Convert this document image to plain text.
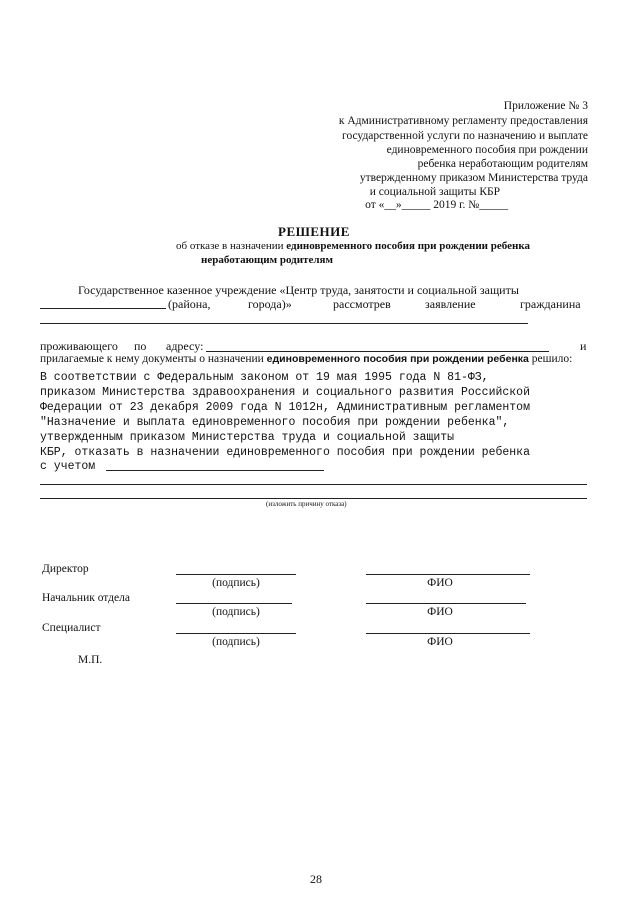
Приложение № 3
к Административному регламенту предоставления
государственной услуги по назначению и выплате
единовременного пособия при рождении
ребенка неработающим родителям
утвержденному приказом Министерства труда
и социальной защиты КБР
от «__»_____ 2019 г. №_____
РЕШЕНИЕ
об отказе в назначении единовременного пособия при рождении ребенка
неработающим родителям
Государственное казенное учреждение «Центр труда, занятости и социальной защиты
(района,	города)»	рассмотрев	заявление	гражданина
проживающего по адресу:	и
прилагаемые к нему документы о назначении единовременного пособия при рождении ребенка решило:
В соответствии с Федеральным законом от 19 мая 1995 года N 81-ФЗ,
приказом Министерства здравоохранения и социального развития Российской
Федерации от 23 декабря 2009 года N 1012н, Административным регламентом
"Назначение и выплата единовременного пособия при рождении ребенка",
утвержденным приказом Министерства труда и социальной защиты
КБР, отказать в назначении единовременного пособия при рождении ребенка
с учетом
(изложить причину отказа)
Директор
(подпись)	ФИО
Начальник отдела
(подпись)	ФИО
Специалист
(подпись)	ФИО
М.П.
28
